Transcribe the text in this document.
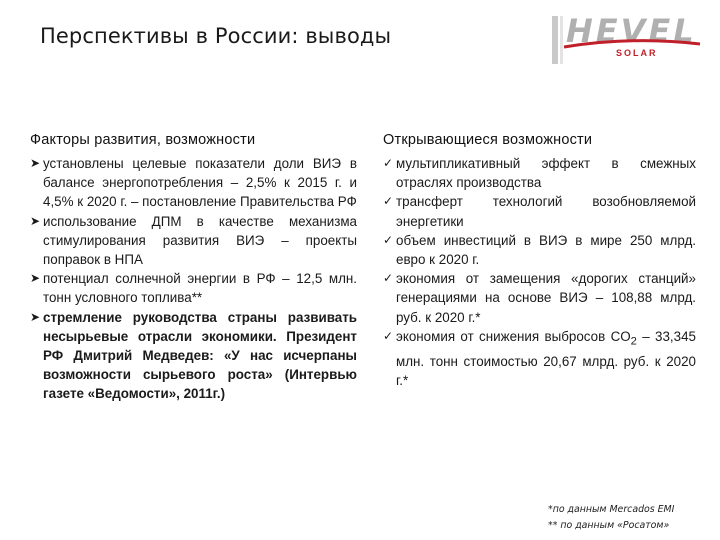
Перспективы в России: выводы	HEVEL
SOLAR
Факторы развития, возможности
➤ установлены целевые показатели доли ВИЭ в балансе энергопотребления – 2,5% к 2015 г. и 4,5% к 2020 г. – постановление Правительства РФ
➤ использование ДПМ в качестве механизма стимулирования развития ВИЭ – проекты поправок в НПА
➤ потенциал солнечной энергии в РФ – 12,5 млн. тонн условного топлива**
➤ стремление руководства страны развивать несырьевые отрасли экономики. Президент РФ Дмитрий Медведев: «У нас исчерпаны возможности сырьевого роста» (Интервью газете «Ведомости», 2011г.)
Открывающиеся возможности
✓ мультипликативный эффект в смежных отраслях производства
✓ трансферт технологий возобновляемой энергетики
✓ объем инвестиций в ВИЭ в мире 250 млрд. евро к 2020 г.
✓ экономия от замещения «дорогих станций» генерациями на основе ВИЭ – 108,88 млрд. руб. к 2020 г.*
✓ экономия от снижения выбросов $CO_2 - 33,345$ млн. тонн стоимостью 20,67 млрд. руб. к 2020 г.*
*по данным Mercados EMI
** по данным «Росатом»
